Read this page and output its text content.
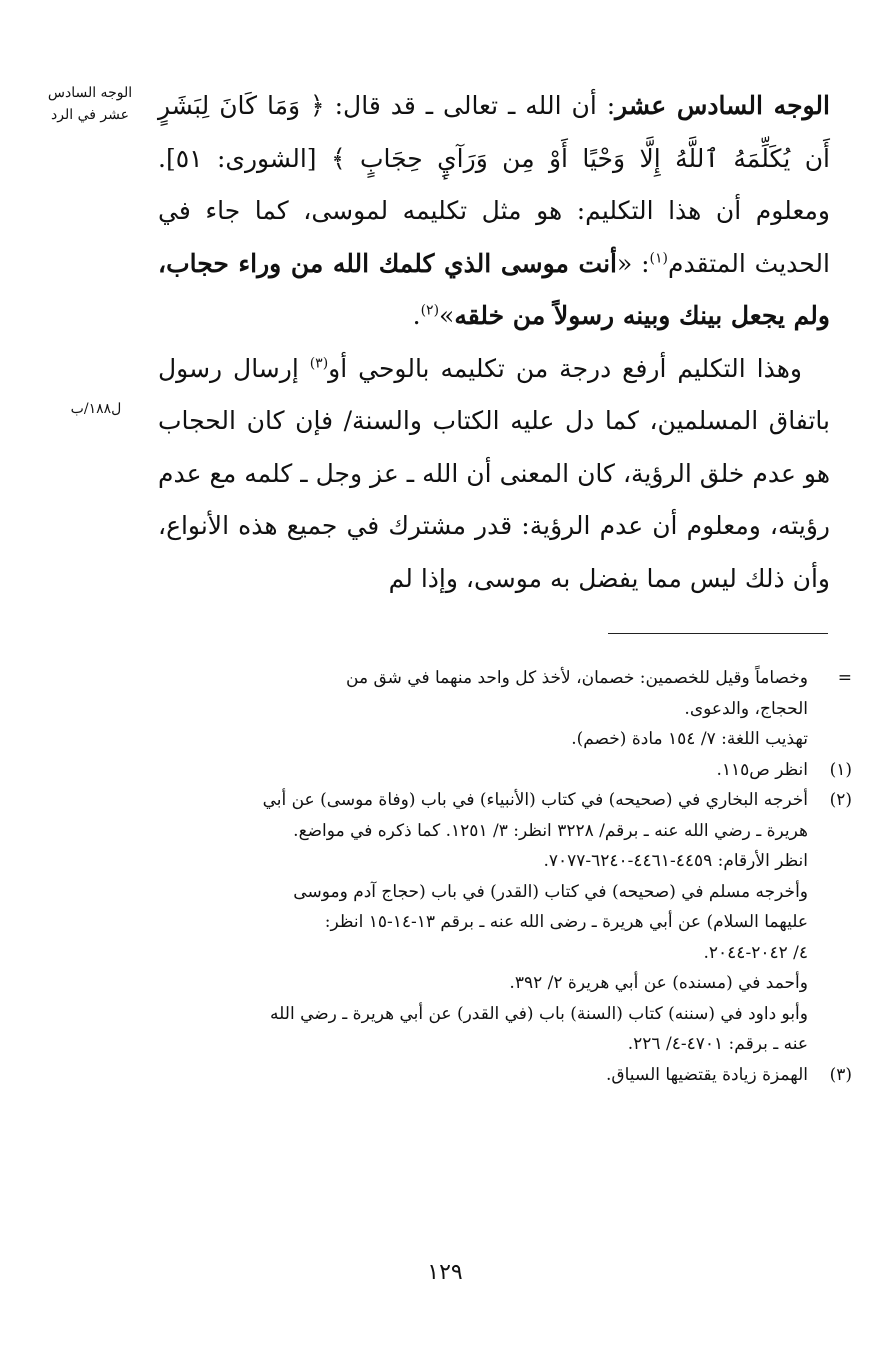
الوجه السادس
عشر في الرد
ل١٨٨/ب

الوجه السادس عشر: أن الله ـ تعالى ـ قد قال: ﴿ وَمَا كَانَ لِبَشَرٍ أَن يُكَلِّمَهُ ٱللَّهُ إِلَّا وَحْيًا أَوْ مِن وَرَآيِٕ حِجَابٍ ﴾ [الشورى: ٥١]. ومعلوم أن هذا التكليم: هو مثل تكليمه لموسى، كما جاء في الحديث المتقدم$^{(١)}$: «أنت موسى الذي كلمك الله من وراء حجاب، ولم يجعل بينك وبينه رسولاً من خلقه»$^{(٢)}$.

وهذا التكليم أرفع درجة من تكليمه بالوحي أو$^{(٣)}$ إرسال رسول باتفاق المسلمين، كما دل عليه الكتاب والسنة/ فإن كان الحجاب هو عدم خلق الرؤية، كان المعنى أن الله ـ عز وجل ـ كلمه مع عدم رؤيته، ومعلوم أن عدم الرؤية: قدر مشترك في جميع هذه الأنواع، وأن ذلك ليس مما يفضل به موسى، وإذا لم

=
وخصاماً وقيل للخصمين: خصمان، لأخذ كل واحد منهما في شق من
الحجاج، والدعوى.
تهذيب اللغة: ٧/ ١٥٤ مادة (خصم).
(١)
انظر ص١١٥.
(٢)
أخرجه البخاري في (صحيحه) في كتاب (الأنبياء) في باب (وفاة موسى) عن أبي
هريرة ـ رضي الله عنه ـ برقم/ ٣٢٢٨ انظر: ٣/ ١٢٥١. كما ذكره في مواضع.
انظر الأرقام: ٤٤٥٩-٤٤٦١-٦٢٤٠-٧٠٧٧.
وأخرجه مسلم في (صحيحه) في كتاب (القدر) في باب (حجاج آدم وموسى
عليهما السلام) عن أبي هريرة ـ رضى الله عنه ـ برقم ١٣-١٤-١٥ انظر:
٤/ ٢٠٤٢-٢٠٤٤.
وأحمد في (مسنده) عن أبي هريرة ٢/ ٣٩٢.
وأبو داود في (سننه) كتاب (السنة) باب (في القدر) عن أبي هريرة ـ رضي الله
عنه ـ برقم: ٤٧٠١-٤/ ٢٢٦.
(٣)
الهمزة زيادة يقتضيها السياق.
١٢٩
